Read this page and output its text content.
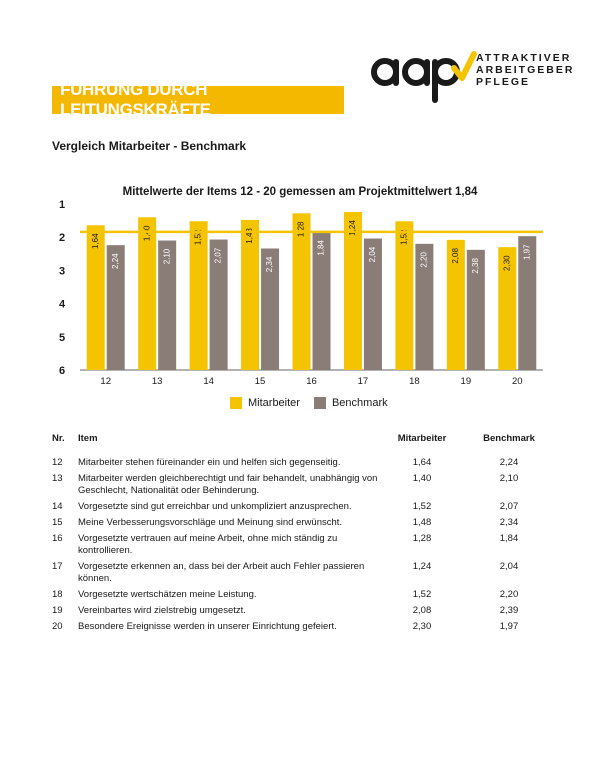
FÜHRUNG DURCH LEITUNGSKRÄFTE
ATTRAKTIVER
ARBEITGEBER
PFLEGE
Vergleich Mitarbeiter - Benchmark
Mittelwerte der Items 12 - 20 gemessen am Projektmittelwert 1,84
1
2
3
4
5
6
1,64
2,24
12
1,40
2,10
13
1,52
2,07
14
1,48
2,34
15
1,28
1,84
16
1,24
2,04
17
1,52
2,20
18
2,08
2,38
19
2,30
1,97
20
Mitarbeiter	Benchmark
Nr.	Item	Mitarbeiter	Benchmark
12	Mitarbeiter stehen füreinander ein und helfen sich gegenseitig.	1,64	2,24
13	Mitarbeiter werden gleichberechtigt und fair behandelt, unabhängig von Geschlecht, Nationalität oder Behinderung.	1,40	2,10
14	Vorgesetzte sind gut erreichbar und unkompliziert anzusprechen.	1,52	2,07
15	Meine Verbesserungsvorschläge und Meinung sind erwünscht.	1,48	2,34
16	Vorgesetzte vertrauen auf meine Arbeit, ohne mich ständig zu kontrollieren.	1,28	1,84
17	Vorgesetzte erkennen an, dass bei der Arbeit auch Fehler passieren können.	1,24	2,04
18	Vorgesetzte wertschätzen meine Leistung.	1,52	2,20
19	Vereinbartes wird zielstrebig umgesetzt.	2,08	2,39
20	Besondere Ereignisse werden in unserer Einrichtung gefeiert.	2,30	1,97
